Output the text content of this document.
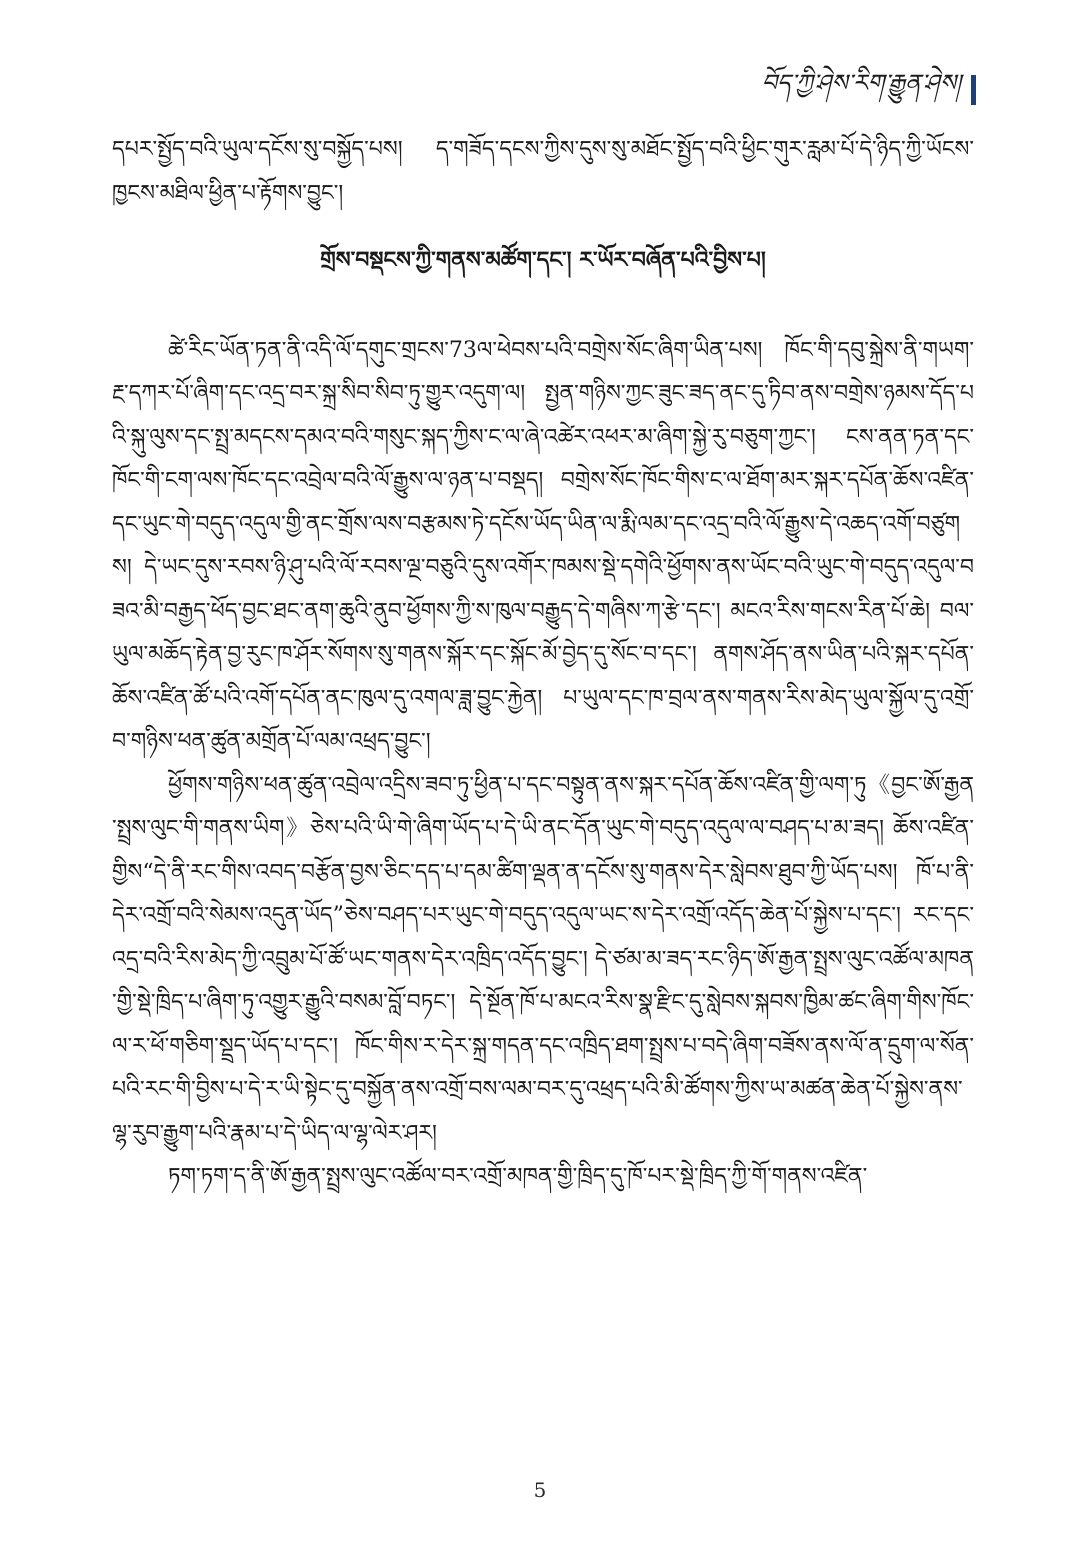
བོད་ཀྱི་ཤེས་རིག་རྒྱུན་ཤེས།

དཔར་སྤྱོད་བའི་ཡུལ་དངོས་སུ་བསྐྱོད་པས། ད་གཟོད་དངས་ཀྱིས་དུས་སུ་མཐོང་སྤྱོད་བའི་ཕྱིང་གུར་རླམ་པོ་དེ་ཉིད་ཀྱི་ཡོངས་ཁྱངས་མཐིལ་ཕྱིན་པ་རྟོགས་བྱུང་།

གྲོས་བསྡངས་ཀྱི་གནས་མཚོག་དང་། ར་ཡོར་བཞོན་པའི་བྱིས་པ།

ཚེ་རིང་ཡོན་ཏན་ནི་འདི་ལོ་དགུང་གྲངས་73ལ་ཕེབས་པའི་བགྲེས་སོང་ཞིག་ཡིན་པས། ཁོང་གི་དབུ་སྐྲེས་ནི་གཡག་རྔ་དཀར་པོ་ཞིག་དང་འདྲ་བར་སྐྲ་སིབ་སིབ་ཏུ་གྱུར་འདུག་ལ། སྤྱན་གཉིས་ཀྱང་ཟུང་ཟད་ནང་དུ་ཏིབ་ནས་བགྲེས་ཉམས་དོད་པའི་སྐུ་ལུས་དང་སྤྲ་མདངས་དམའ་བའི་གསུང་སྐད་ཀྱིས་ང་ལ་ཞེ་འཚེར་འཕར་མ་ཞིག་སྐྱེ་རུ་བཅུག་ཀྱང་། ངས་ནན་ཏན་དང་ཁོང་གི་ངག་ལས་ཁོང་དང་འབྲེལ་བའི་ལོ་རྒྱུས་ལ་ཉན་པ་བསྡད། བགྲེས་སོང་ཁོང་གིས་ང་ལ་ཐོག་མར་སྐར་དཔོན་ཆོས་འཛིན་དང་ཡུང་གེ་བདུད་འདུལ་གྱི་ནང་གྲོས་ལས་བརྩམས་ཏེ་དངོས་ཡོད་ཡིན་ལ་རྨི་ལམ་དང་འདྲ་བའི་ལོ་རྒྱུས་དེ་འཆད་འགོ་བཙུགས། དེ་ཡང་དུས་རབས་ཉི་ཤུ་པའི་ལོ་རབས་ལྔ་བཅུའི་དུས་འགོར་ཁམས་སྡེ་དགེའི་ཕྱོགས་ནས་ཡོང་བའི་ཡུང་གེ་བདུད་འདུལ་བཟའ་མི་བརྒྱད་ཕོད་བྱང་ཐང་ནག་ཆུའི་ནུབ་ཕྱོགས་ཀྱི་ས་ཁུལ་བརྒྱུད་དེ་གཞིས་ཀ་རྩེ་དང་། མངའ་རིས་གངས་རིན་པོ་ཆེ། བལ་ཡུལ་མཆོད་རྟེན་བྱ་རུང་ཁ་ཤོར་སོགས་སུ་གནས་སྐོར་དང་སྐོང་མོ་བྱེད་དུ་སོང་བ་དང་། ནགས་ཤོད་ནས་ཡིན་པའི་སྐར་དཔོན་ཆོས་འཛིན་ཚོ་པའི་འགོ་དཔོན་ནང་ཁུལ་དུ་འགལ་ཟླ་བྱུང་རྐྱེན། པ་ཡུལ་དང་ཁ་བྲལ་ནས་གནས་རིས་མེད་ཡུལ་སྐྱོལ་དུ་འགྲོ་བ་གཉིས་ཕན་ཚུན་མགྲོན་པོ་ལམ་འཕྲད་བྱུང་།

ཕྱོགས་གཉིས་ཕན་ཚུན་འབྲེལ་འདྲིས་ཟབ་ཏུ་ཕྱིན་པ་དང་བསྟུན་ནས་སྐར་དཔོན་ཆོས་འཛིན་གྱི་ལག་ཏུ《བྱང་ཨོ་རྒྱན་སྤྲས་ལུང་གི་གནས་ཡིག》ཅེས་པའི་ཡི་གེ་ཞིག་ཡོད་པ་དེ་ཡི་ནང་དོན་ཡུང་གེ་བདུད་འདུལ་ལ་བཤད་པ་མ་ཟད། ཆོས་འཛིན་གྱིས“དེ་ནི་རང་གིས་འབད་བརྩོན་བྱས་ཅིང་དད་པ་དམ་ཚིག་ལྡན་ན་དངོས་སུ་གནས་དེར་སླེབས་ཐུབ་ཀྱི་ཡོད་པས། ཁོ་པ་ནི་དེར་འགྲོ་བའི་སེམས་འདུན་ཡོད”ཅེས་བཤད་པར་ཡུང་གེ་བདུད་འདུལ་ཡང་ས་དེར་འགྲོ་འདོད་ཆེན་པོ་སྐྱེས་པ་དང་། རང་དང་འདྲ་བའི་རིས་མེད་ཀྱི་འབྲུམ་པོ་ཚོ་ཡང་གནས་དེར་འཁྲིད་འདོད་བྱུང་། དེ་ཙམ་མ་ཟད་རང་ཉིད་ཨོ་རྒྱན་སྤྲས་ལུང་འཚོལ་མཁན་གྱི་སྡེ་ཁྲིད་པ་ཞིག་ཏུ་འགྱུར་རྒྱུའི་བསམ་བློ་བཏང་། དེ་སྔོན་ཁོ་པ་མངའ་རིས་སྣ་རྫིང་དུ་སླེབས་སྐབས་ཁྱིམ་ཚང་ཞིག་གིས་ཁོང་ལ་ར་ཕོ་གཅིག་སྡྲད་ཡོད་པ་དང་། ཁོང་གིས་ར་དེར་སྐྲ་གདན་དང་འཁྲིད་ཐག་སྤྲས་པ་བདེ་ཞིག་བཟོས་ནས་ལོ་ན་དྲུག་ལ་སོན་པའི་རང་གི་བྱིས་པ་དེ་ར་ཡི་སྟེང་དུ་བསྐྱོན་ནས་འགྲོ་བས་ལམ་བར་དུ་འཕྲད་པའི་མི་ཚོགས་ཀྱིས་ཡ་མཚན་ཆེན་པོ་སྐྱེས་ནས་ལྷ་རུབ་རྒྱུག་པའི་རྣམ་པ་དེ་ཡིད་ལ་ལྷ་ལེར་ཤར།

ཏག་ཏག་ད་ནི་ཨོ་རྒྱན་སྤྲས་ལུང་འཚོལ་བར་འགྲོ་མཁན་གྱི་ཁྲིད་དུ་ཁོ་པར་སྡེ་ཁྲིད་ཀྱི་གོ་གནས་འཛིན་

5
